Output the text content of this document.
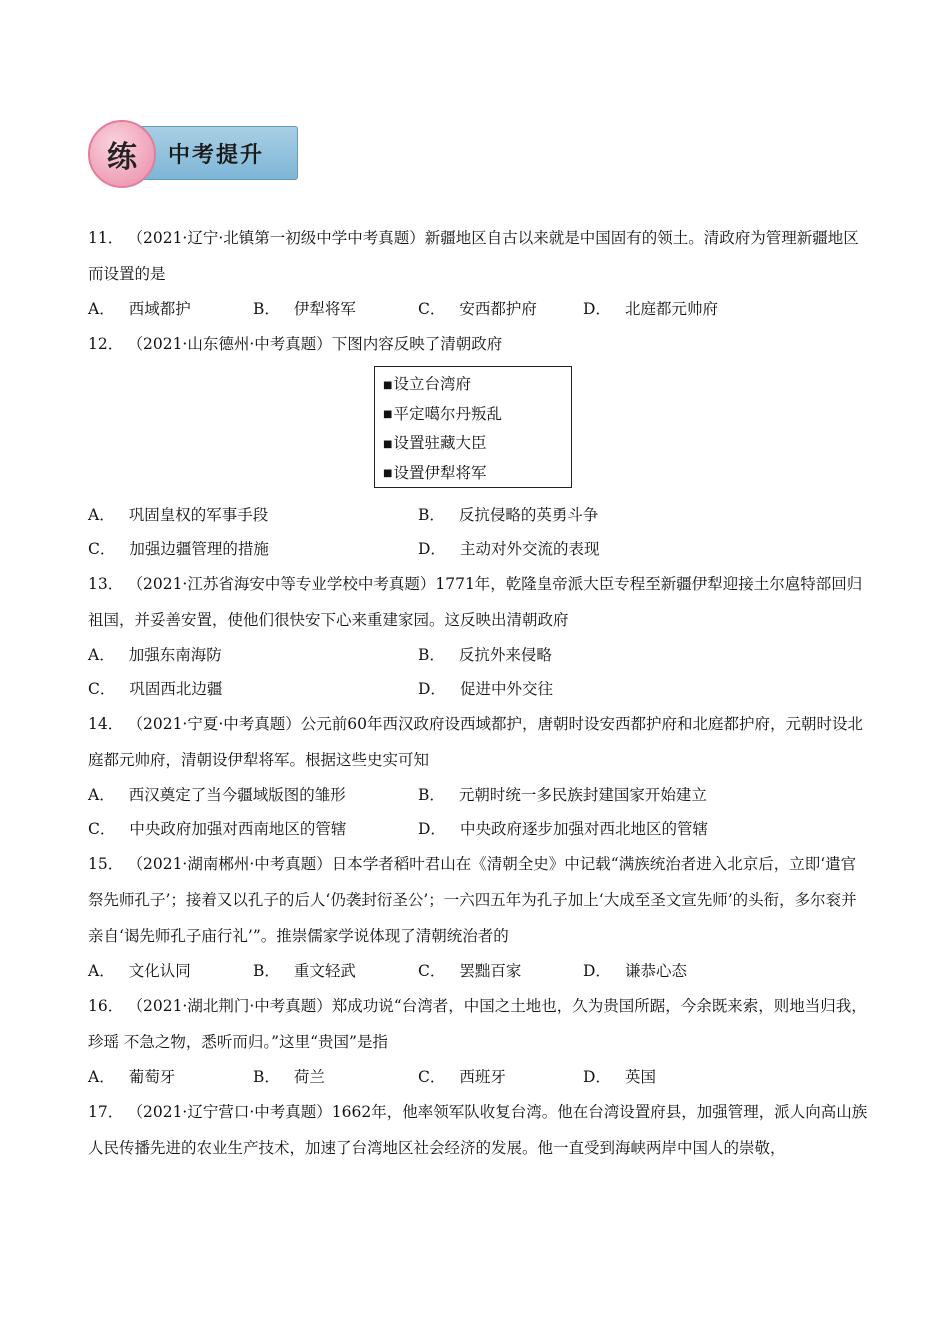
练	中考提升

11． （2021·辽宁·北镇第一初级中学中考真题）新疆地区自古以来就是中国固有的领土。清政府为管理新疆地区而设置的是

A． 西域都护	B． 伊犁将军	C． 安西都护府	D． 北庭都元帅府

12． （2021·山东德州·中考真题）下图内容反映了清朝政府

■设立台湾府
■平定噶尔丹叛乱
■设置驻藏大臣
■设置伊犁将军
A． 巩固皇权的军事手段	B． 反抗侵略的英勇斗争
C． 加强边疆管理的措施	D． 主动对外交流的表现

13． （2021·江苏省海安中等专业学校中考真题）1771年，乾隆皇帝派大臣专程至新疆伊犁迎接土尔扈特部回归祖国，并妥善安置，使他们很快安下心来重建家园。这反映出清朝政府

A． 加强东南海防	B． 反抗外来侵略
C． 巩固西北边疆	D． 促进中外交往

14． （2021·宁夏·中考真题）公元前60年西汉政府设西域都护，唐朝时设安西都护府和北庭都护府，元朝时设北庭都元帅府，清朝设伊犁将军。根据这些史实可知

A． 西汉奠定了当今疆域版图的雏形	B． 元朝时统一多民族封建国家开始建立
C． 中央政府加强对西南地区的管辖	D． 中央政府逐步加强对西北地区的管辖

15． （2021·湖南郴州·中考真题）日本学者稻叶君山在《清朝全史》中记载“满族统治者进入北京后，立即‘遣官祭先师孔子’；接着又以孔子的后人‘仍袭封衍圣公’；一六四五年为孔子加上‘大成至圣文宣先师’的头衔，多尔衮并亲自‘谒先师孔子庙行礼’”。推崇儒家学说体现了清朝统治者的

A． 文化认同	B． 重文轻武	C． 罢黜百家	D． 谦恭心态

16． （2021·湖北荆门·中考真题）郑成功说“台湾者，中国之土地也，久为贵国所踞，今余既来索，则地当归我，珍瑶 不急之物，悉听而归。”这里“贵国”是指

A． 葡萄牙	B． 荷兰	C． 西班牙	D． 英国

17． （2021·辽宁营口·中考真题）1662年，他率领军队收复台湾。他在台湾设置府县，加强管理，派人向高山族人民传播先进的农业生产技术，加速了台湾地区社会经济的发展。他一直受到海峡两岸中国人的崇敬，
